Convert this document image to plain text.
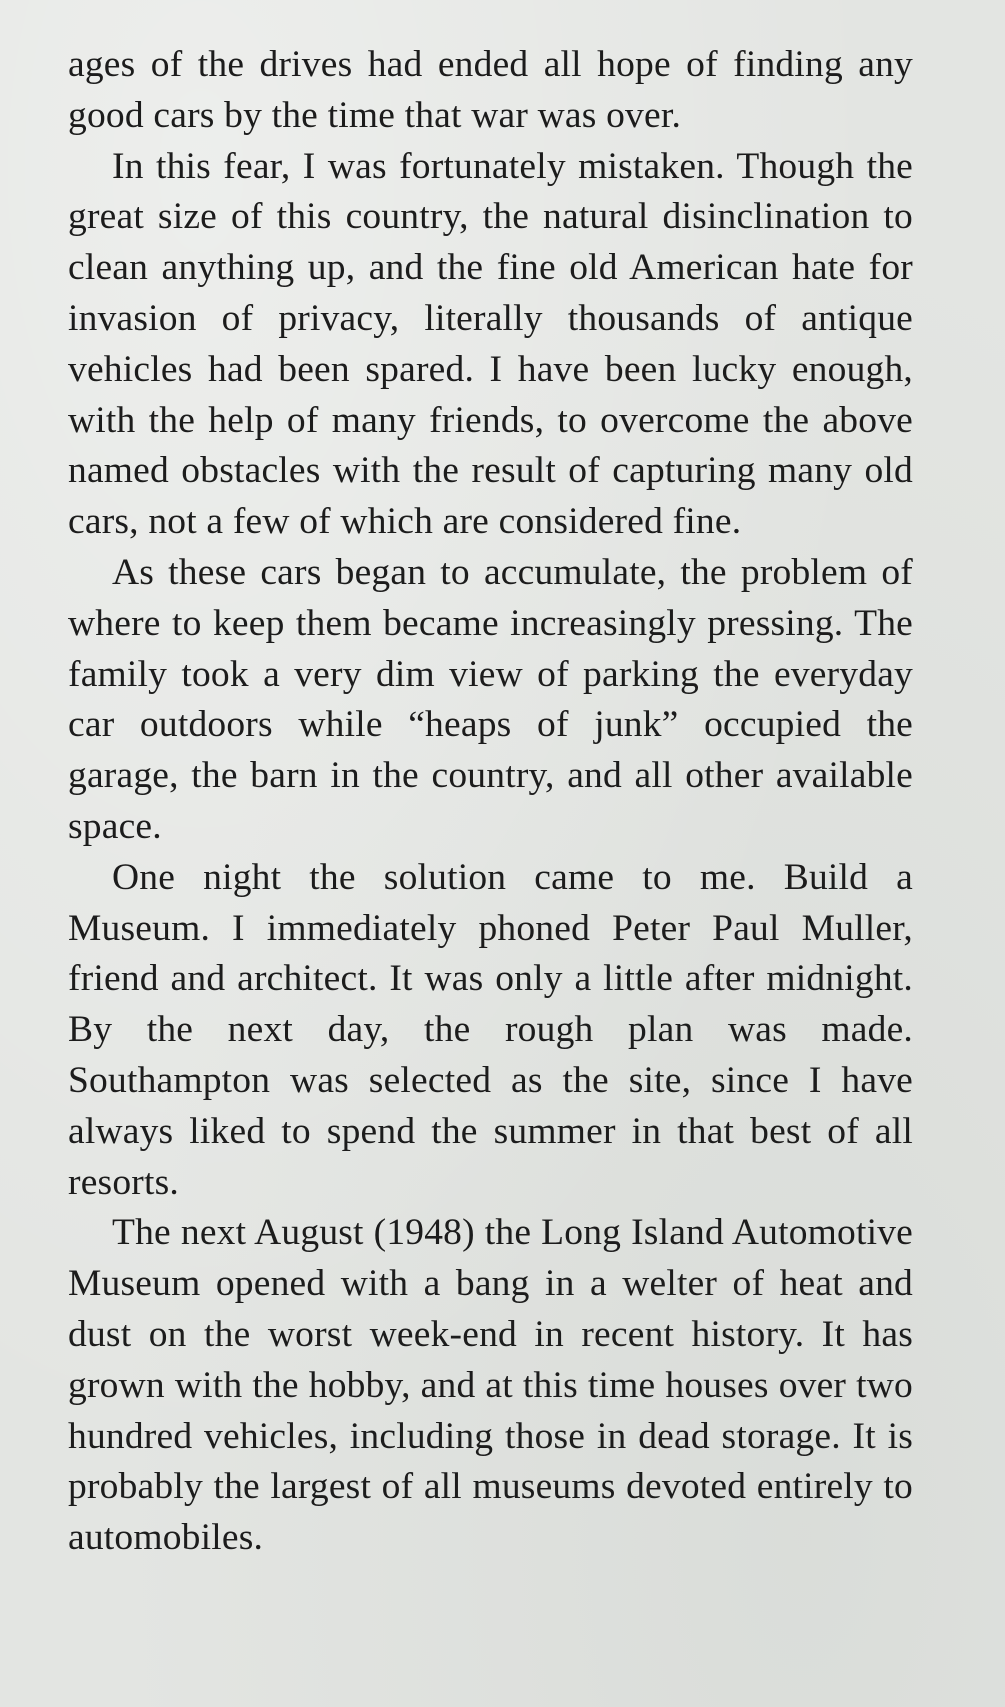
ages of the drives had ended all hope of finding any good cars by the time that war was over.

In this fear, I was fortunately mistaken. Though the great size of this country, the natural disinclination to clean anything up, and the fine old American hate for invasion of privacy, literally thousands of antique vehicles had been spared. I have been lucky enough, with the help of many friends, to overcome the above named obstacles with the result of capturing many old cars, not a few of which are considered fine.

As these cars began to accumulate, the problem of where to keep them became increasingly pressing. The family took a very dim view of parking the everyday car outdoors while “heaps of junk” occupied the garage, the barn in the country, and all other available space.

One night the solution came to me. Build a Museum. I immediately phoned Peter Paul Muller, friend and architect. It was only a little after midnight. By the next day, the rough plan was made. Southampton was selected as the site, since I have always liked to spend the summer in that best of all resorts.

The next August (1948) the Long Island Automotive Museum opened with a bang in a welter of heat and dust on the worst week-end in recent history. It has grown with the hobby, and at this time houses over two hundred vehicles, including those in dead storage. It is probably the largest of all museums devoted entirely to automobiles.
